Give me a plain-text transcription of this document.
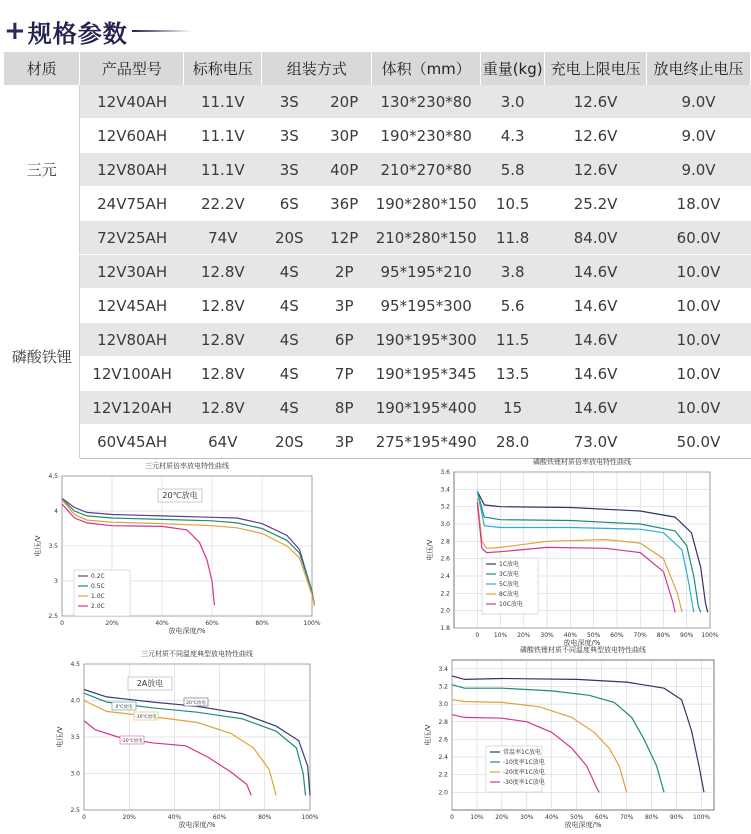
+ 规格参数
材质	产品型号	标称电压	组装方式		体积（mm）	重量(kg)	充电上限电压	放电终止电压
三元	12V40AH	11.1V	3S	20P	130*230*80	3.0	12.6V	9.0V
	12V60AH	11.1V	3S	30P	190*230*80	4.3	12.6V	9.0V
	12V80AH	11.1V	3S	40P	210*270*80	5.8	12.6V	9.0V
	24V75AH	22.2V	6S	36P	190*280*150	10.5	25.2V	18.0V
	72V25AH	74V	20S	12P	210*280*150	11.8	84.0V	60.0V
磷酸铁锂	12V30AH	12.8V	4S	2P	95*195*210	3.8	14.6V	10.0V
	12V45AH	12.8V	4S	3P	95*195*300	5.6	14.6V	10.0V
	12V80AH	12.8V	4S	6P	190*195*300	11.5	14.6V	10.0V
	12V100AH	12.8V	4S	7P	190*195*345	13.5	14.6V	10.0V
	12V120AH	12.8V	4S	8P	190*195*400	15	14.6V	10.0V
	60V45AH	64V	20S	3P	275*195*490	28.0	73.0V	50.0V
2.5
3
3.5
4
4.5
0	20%	40%	60%	80%	100%
三元材质倍率放电特性曲线
放电深度/%
电压/V
20℃放电
0.2C
0.5C
1.0C
2.0C
1.8
2.0
2.2
2.4
2.6
2.8
3.0
3.2
3.4
3.6
0 10% 20% 30% 40% 50% 60% 70% 80% 90% 100%
磷酸铁锂材质倍率放电特性曲线
放电深度/%
电压/V
1C放电
3C放电
5C放电
8C放电
10C放电
2.5
3.0
3.5
4.0
4.5
0	20%	40%	60%	80%	100%
三元材质不同温度典型放电特性曲线
放电深度/%
电压/V
2A放电
20℃放电
0℃放电
-10℃放电
-20℃放电
2.0
2.2
2.4
2.6
2.8
3.0
3.2
3.4
0	10% 20% 30% 40% 50% 60% 70% 80% 90% 100%
磷酸铁锂材质不同温度典型放电特性曲线
放电深度/%
电压/V
常温率1C放电
-10度率1C放电
-20度率1C放电
-30度率1C放电
